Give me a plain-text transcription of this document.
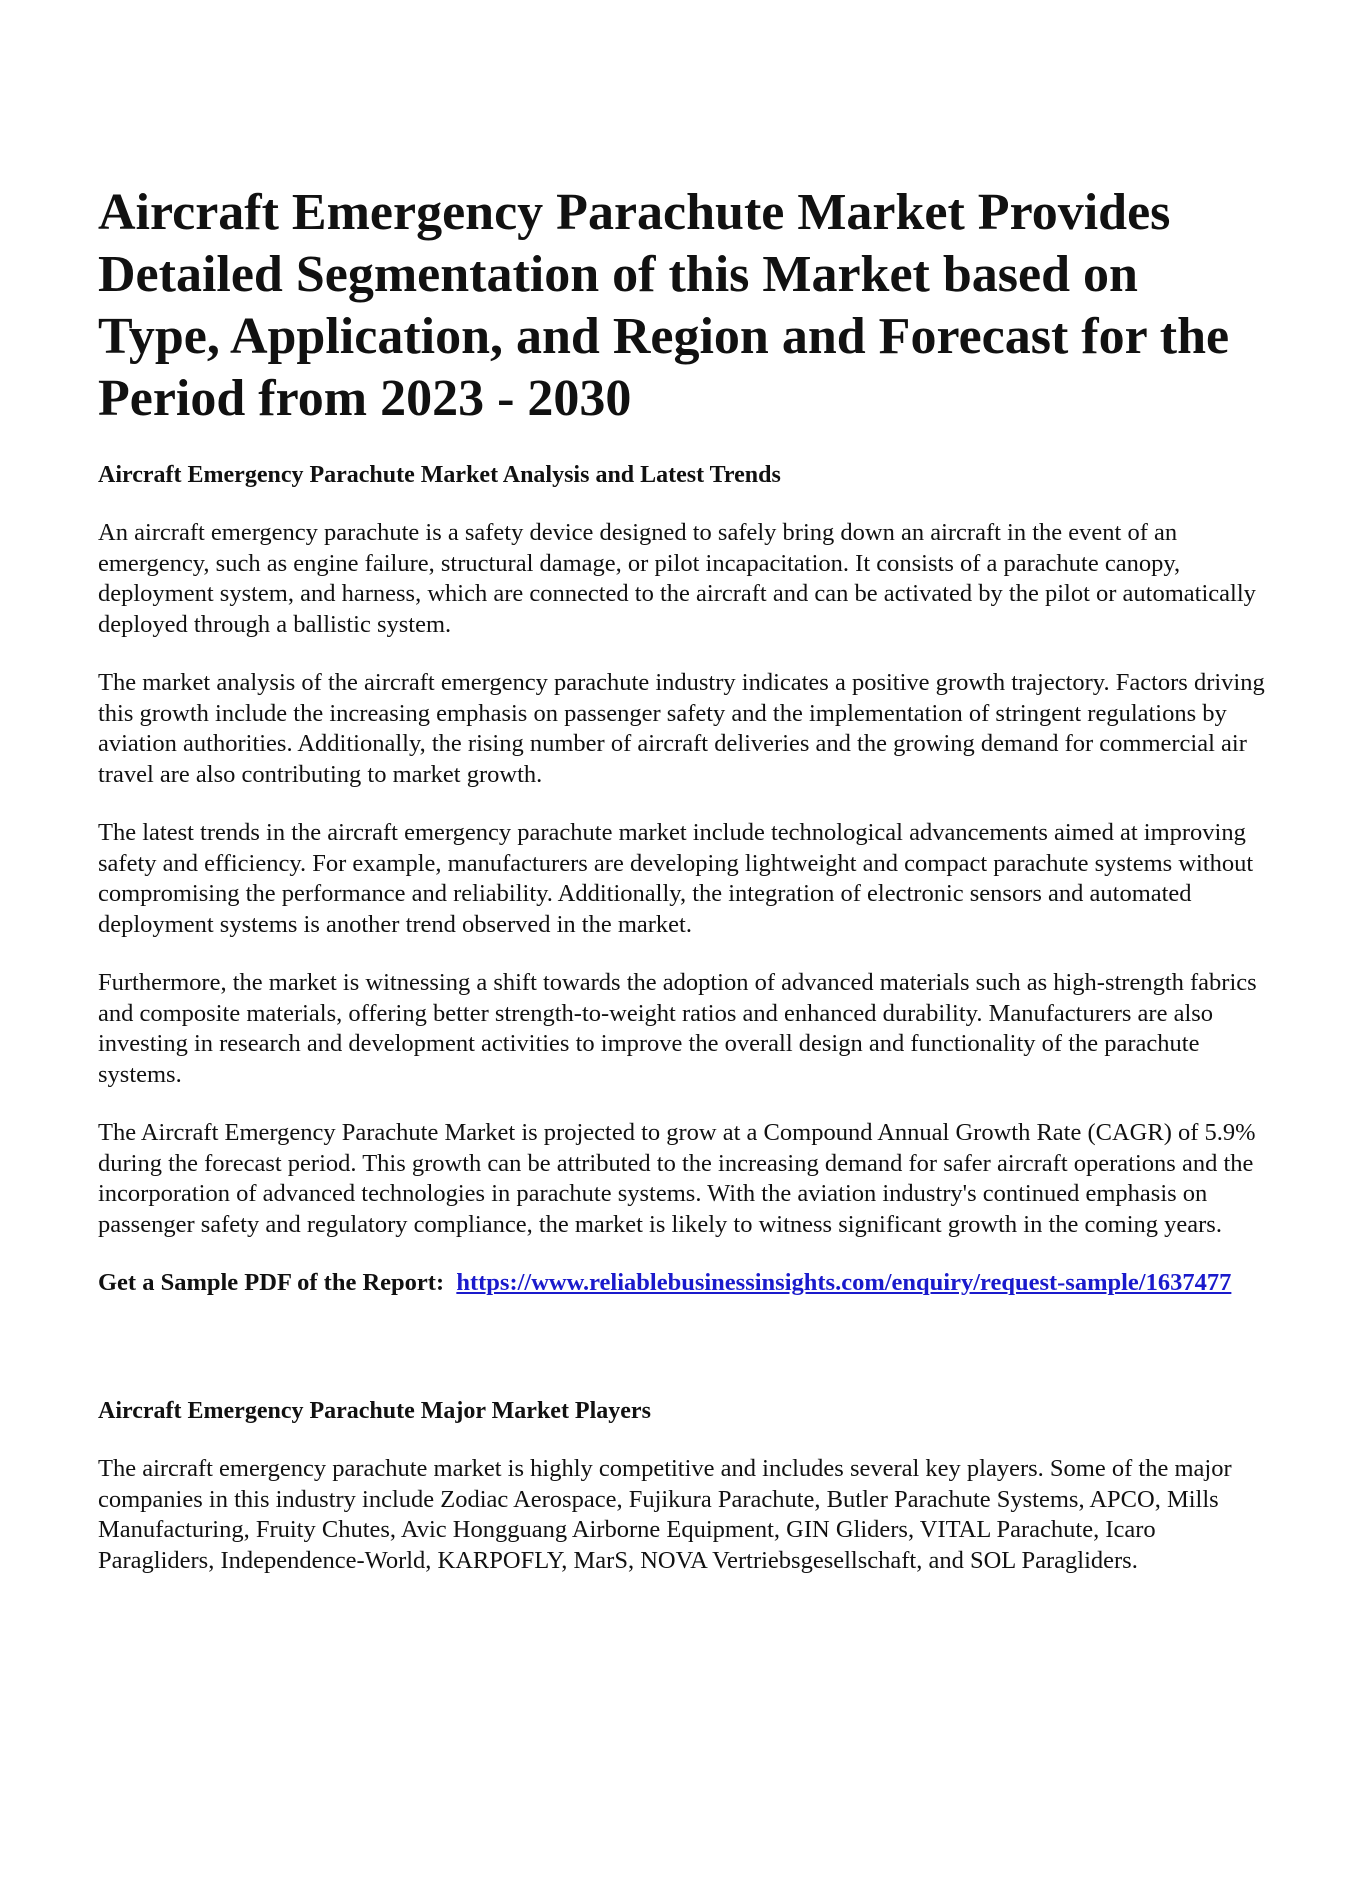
Aircraft Emergency Parachute Market Provides Detailed Segmentation of this Market based on Type, Application, and Region and Forecast for the Period from 2023 - 2030
Aircraft Emergency Parachute Market Analysis and Latest Trends

An aircraft emergency parachute is a safety device designed to safely bring down an aircraft in the event of an emergency, such as engine failure, structural damage, or pilot incapacitation. It consists of a parachute canopy, deployment system, and harness, which are connected to the aircraft and can be activated by the pilot or automatically deployed through a ballistic system.

The market analysis of the aircraft emergency parachute industry indicates a positive growth trajectory. Factors driving this growth include the increasing emphasis on passenger safety and the implementation of stringent regulations by aviation authorities. Additionally, the rising number of aircraft deliveries and the growing demand for commercial air travel are also contributing to market growth.

The latest trends in the aircraft emergency parachute market include technological advancements aimed at improving safety and efficiency. For example, manufacturers are developing lightweight and compact parachute systems without compromising the performance and reliability. Additionally, the integration of electronic sensors and automated deployment systems is another trend observed in the market.

Furthermore, the market is witnessing a shift towards the adoption of advanced materials such as high-strength fabrics and composite materials, offering better strength-to-weight ratios and enhanced durability. Manufacturers are also investing in research and development activities to improve the overall design and functionality of the parachute systems.

The Aircraft Emergency Parachute Market is projected to grow at a Compound Annual Growth Rate (CAGR) of 5.9% during the forecast period. This growth can be attributed to the increasing demand for safer aircraft operations and the incorporation of advanced technologies in parachute systems. With the aviation industry's continued emphasis on passenger safety and regulatory compliance, the market is likely to witness significant growth in the coming years.

Get a Sample PDF of the Report: https://www.reliablebusinessinsights.com/enquiry/request-sample/1637477
Aircraft Emergency Parachute Major Market Players

The aircraft emergency parachute market is highly competitive and includes several key players. Some of the major companies in this industry include Zodiac Aerospace, Fujikura Parachute, Butler Parachute Systems, APCO, Mills Manufacturing, Fruity Chutes, Avic Hongguang Airborne Equipment, GIN Gliders, VITAL Parachute, Icaro Paragliders, Independence-World, KARPOFLY, MarS, NOVA Vertriebsgesellschaft, and SOL Paragliders.
